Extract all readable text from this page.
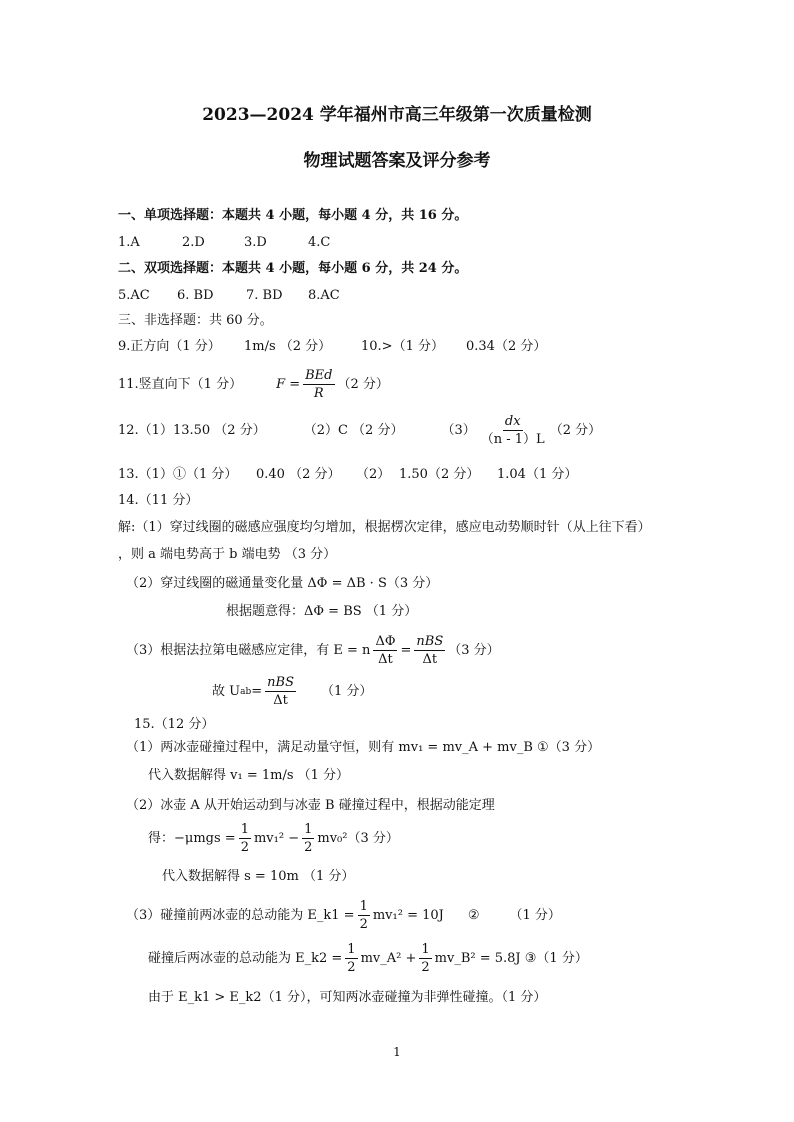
2023—2024 学年福州市高三年级第一次质量检测
物理试题答案及评分参考
一、单项选择题：本题共 4 小题，每小题 4 分，共 16 分。
1.A	2.D	3.D	4.C
二、双项选择题：本题共 4 小题，每小题 6 分，共 24 分。
5.AC 6. BD 7. BD 8.AC
三、非选择题：共 60 分。
9.正方向（1 分） 1m/s （2 分） 10.>（1 分） 0.34（2 分）
11.竖直向下（1 分）	$F = \frac{\text{BEd}}{R} (2$ 分）
12.（1）13.50 （2 分）	（2）C （2 分）	$(3) \frac{dx}{(n - 1)L} (2$ 分）
13.（1）①（1 分） 0.40 （2 分） （2） 1.50（2 分） 1.04（1 分）
14.（11 分）
解:（1）穿过线圈的磁感应强度均匀增加，根据楞次定律，感应电动势顺时针（从上往下看）
，则 a 端电势高于 b 端电势 （3 分）
（2）穿过线圈的磁通量变化量 ΔΦ = ΔB · S（3 分）
根据题意得：ΔΦ = BS （1 分）
（3）根据法拉第电磁感应定律，有 E = n $\frac{\Delta\Phi}{\Delta t} = \frac{\text{nBS}}{\Delta t} (3$ 分）
故 U ab = $\frac{\text{nBS}}{\Delta t} (1$ 分）
15.（12 分）
（1）两冰壶碰撞过程中，满足动量守恒，则有 mv₁ = mv_A + mv_B ①（3 分）
代入数据解得 v₁ = 1m/s （1 分）
（2）冰壶 A 从开始运动到与冰壶 B 碰撞过程中，根据动能定理
得：$-\mu mgs = \frac{1}{2} mv_1^2 - \frac{1}{2} mv_0^2$ （3 分）
代入数据解得 s = 10m （1 分）
（3）碰撞前两冰壶的总动能为 E_k1 = $\frac{1}{2} mv_1^2 = 10J$ ② （1 分）
碰撞后两冰壶的总动能为 E_k2 = $\frac{1}{2}$ mv_A² + $\frac{1}{2}$ mv_B² = 5.8J ③（1 分）
由于 E_k1 > E_k2（1 分），可知两冰壶碰撞为非弹性碰撞。（1 分）
1
